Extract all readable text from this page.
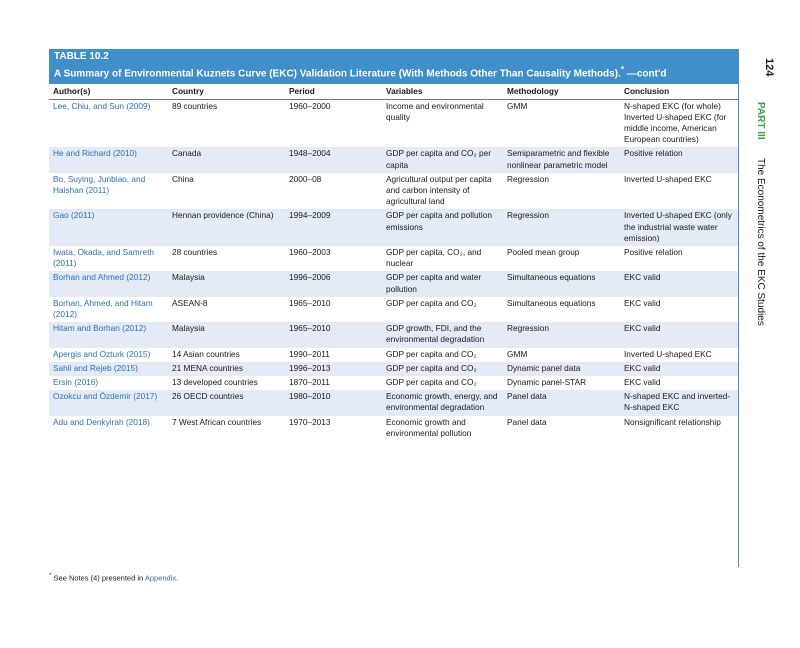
TABLE 10.2
A Summary of Environmental Kuznets Curve (EKC) Validation Literature (With Methods Other Than Causality Methods).* —cont'd
Author(s)	Country	Period	Variables	Methodology	Conclusion
Lee, Chiu, and Sun (2009)	89 countries	1960–2000	Income and environmental quality	GMM	N-shaped EKC (for whole) Inverted U-shaped EKC (for middle income, American European countries)
He and Richard (2010)	Canada	1948–2004	GDP per capita and CO₂ per capita	Semiparametric and flexible nonlinear parametric model	Positive relation
Bo, Suying, Junbiao, and Haishan (2011)	China	2000–08	Agricultural output per capita and carbon intensity of agricultural land	Regression	Inverted U-shaped EKC
Gao (2011)	Hennan providence (China)	1994–2009	GDP per capita and pollution emissions	Regression	Inverted U-shaped EKC (only the industrial waste water emission)
Iwata, Okada, and Samreth (2011)	28 countries	1960–2003	GDP per capita, CO₂, and nuclear	Pooled mean group	Positive relation
Borhan and Ahmed (2012)	Malaysia	1996–2006	GDP per capita and water pollution	Simultaneous equations	EKC valid
Borhan, Ahmed, and Hitam (2012)	ASEAN-8	1965–2010	GDP per capita and CO₂	Simultaneous equations	EKC valid
Hitam and Borhan (2012)	Malaysia	1965–2010	GDP growth, FDI, and the environmental degradation	Regression	EKC valid
Apergis and Ozturk (2015)	14 Asian countries	1990–2011	GDP per capita and CO₂	GMM	Inverted U-shaped EKC
Sahli and Rejeb (2015)	21 MENA countries	1996–2013	GDP per capita and CO₂	Dynamic panel data	EKC valid
Ersin (2016)	13 developed countries	1870–2011	GDP per capita and CO₂	Dynamic panel-STAR	EKC valid
Ozokcu and Özdemir (2017)	26 OECD countries	1980–2010	Economic growth, energy, and environmental degradation	Panel data	N-shaped EKC and inverted- N-shaped EKC
Adu and Denkyirah (2018)	7 West African countries	1970–2013	Economic growth and environmental pollution	Panel data	Nonsignificant relationship
* See Notes (4) presented in Appendix.
124
PART III
The Econometrics of the EKC Studies
